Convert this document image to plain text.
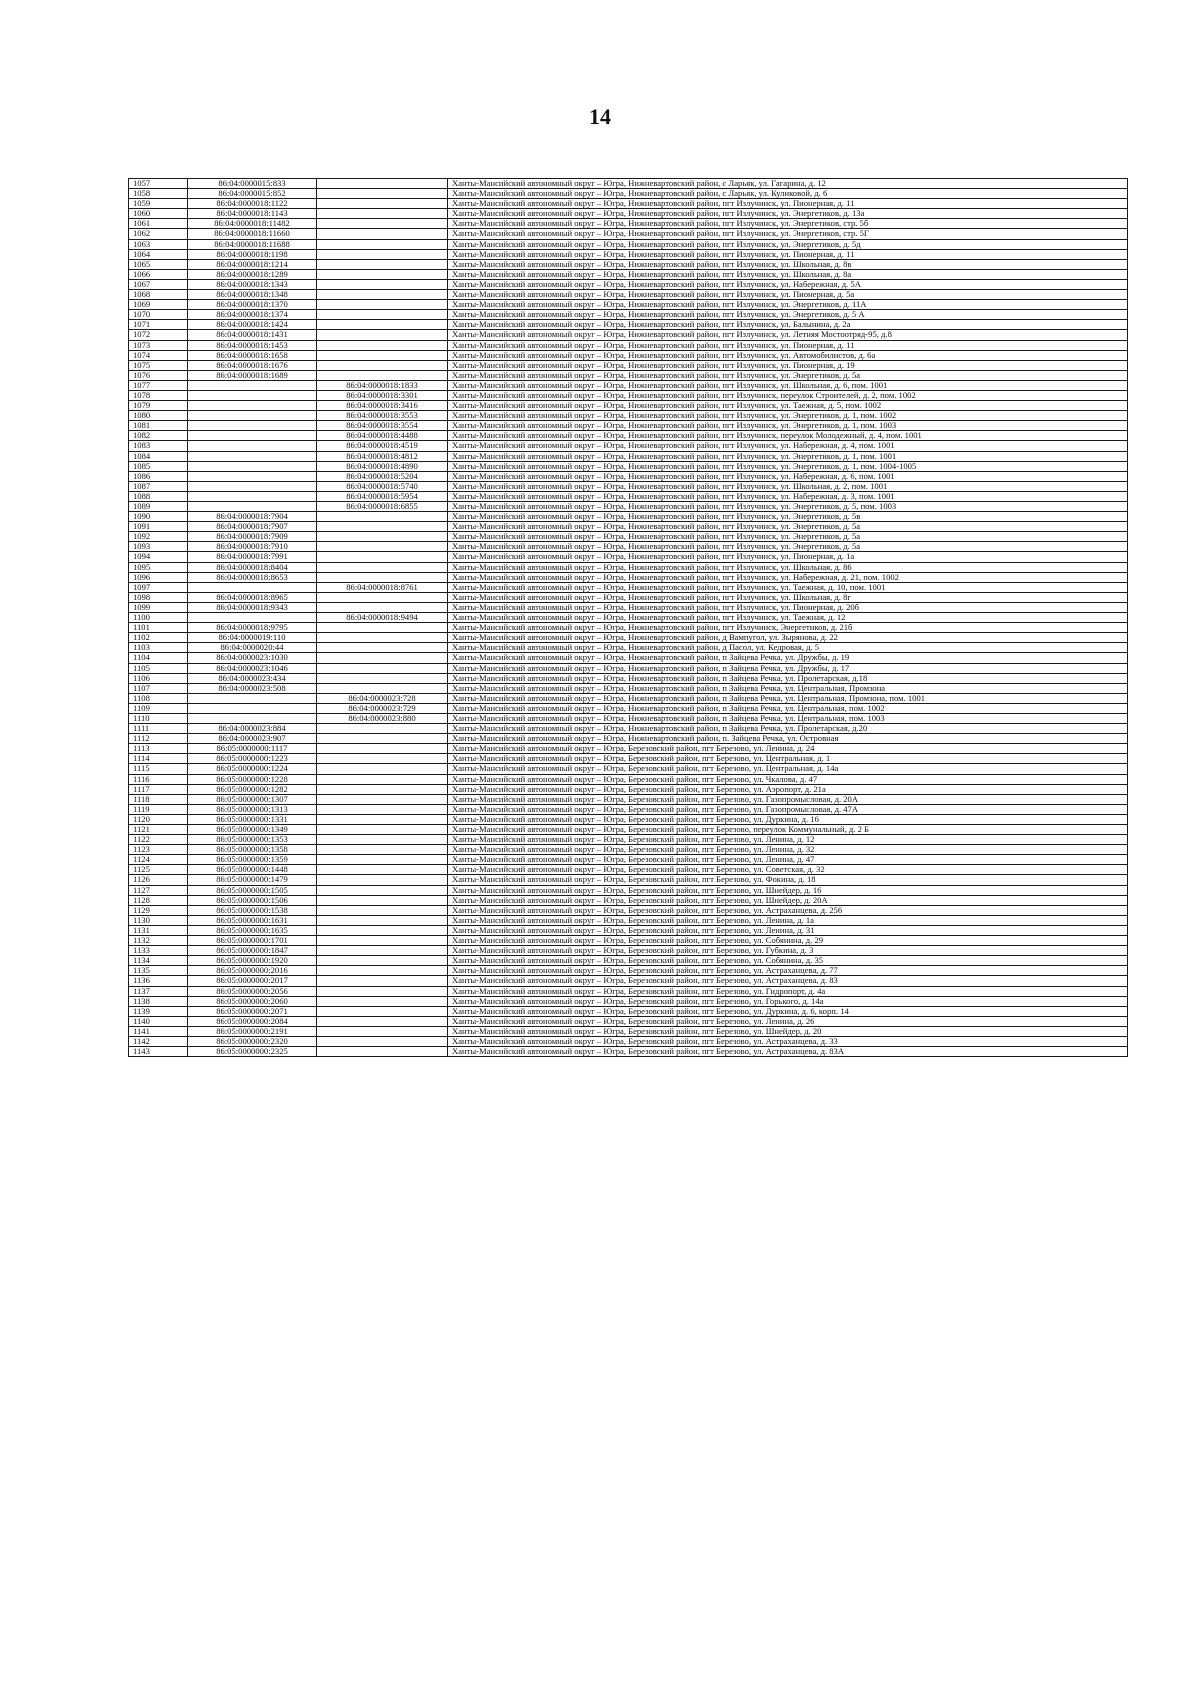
14
1057	86:04:0000015:833		Ханты-Мансийский автономный округ – Югра, Нижневартовский район, с Ларьяк, ул. Гагарина, д. 12
1058	86:04:0000015:852		Ханты-Мансийский автономный округ – Югра, Нижневартовский район, с Ларьяк, ул. Куликовой, д. 6
1059	86:04:0000018:1122		Ханты-Мансийский автономный округ – Югра, Нижневартовский район, пгт Излучинск, ул. Пионерная, д. 11
1060	86:04:0000018:1143		Ханты-Мансийский автономный округ – Югра, Нижневартовский район, пгт Излучинск, ул. Энергетиков, д. 13а
1061	86:04:0000018:11482		Ханты-Мансийский автономный округ – Югра, Нижневартовский район, пгт Излучинск, ул. Энергетиков, стр. 5б
1062	86:04:0000018:11660		Ханты-Мансийский автономный округ – Югра, Нижневартовский район, пгт Излучинск, ул. Энергетиков, стр. 5Г
1063	86:04:0000018:11688		Ханты-Мансийский автономный округ – Югра, Нижневартовский район, пгт Излучинск, ул. Энергетиков, д. 5д
1064	86:04:0000018:1198		Ханты-Мансийский автономный округ – Югра, Нижневартовский район, пгт Излучинск, ул. Пионерная, д. 11
1065	86:04:0000018:1214		Ханты-Мансийский автономный округ – Югра, Нижневартовский район, пгт Излучинск, ул. Школьная, д. 8в
1066	86:04:0000018:1289		Ханты-Мансийский автономный округ – Югра, Нижневартовский район, пгт Излучинск, ул. Школьная, д. 8а
1067	86:04:0000018:1343		Ханты-Мансийский автономный округ – Югра, Нижневартовский район, пгт Излучинск, ул. Набережная, д. 5А
1068	86:04:0000018:1348		Ханты-Мансийский автономный округ – Югра, Нижневартовский район, пгт Излучинск, ул. Пионерная, д. 5а
1069	86:04:0000018:1370		Ханты-Мансийский автономный округ – Югра, Нижневартовский район, пгт Излучинск, ул. Энергетиков, д. 11А
1070	86:04:0000018:1374		Ханты-Мансийский автономный округ – Югра, Нижневартовский район, пгт Излучинск, ул. Энергетиков, д. 5 А
1071	86:04:0000018:1424		Ханты-Мансийский автономный округ – Югра, Нижневартовский район, пгт Излучинск, ул. Балынина, д. 2а
1072	86:04:0000018:1431		Ханты-Мансийский автономный округ – Югра, Нижневартовский район, пгт Излучинск, ул. Летняя Мостоотряд-95, д.8
1073	86:04:0000018:1453		Ханты-Мансийский автономный округ – Югра, Нижневартовский район, пгт Излучинск, ул. Пионерная, д. 11
1074	86:04:0000018:1658		Ханты-Мансийский автономный округ – Югра, Нижневартовский район, пгт Излучинск, ул. Автомобилистов, д. 6а
1075	86:04:0000018:1676		Ханты-Мансийский автономный округ – Югра, Нижневартовский район, пгт Излучинск, ул. Пионерная, д. 19
1076	86:04:0000018:1689		Ханты-Мансийский автономный округ – Югра, Нижневартовский район, пгт Излучинск, ул. Энергетиков, д. 5а
1077		86:04:0000018:1833	Ханты-Мансийский автономный округ – Югра, Нижневартовский район, пгт Излучинск, ул. Школьная, д. 6, пом. 1001
1078		86:04:0000018:3301	Ханты-Мансийский автономный округ – Югра, Нижневартовский район, пгт Излучинск, переулок Строителей, д. 2, пом. 1002
1079		86:04:0000018:3416	Ханты-Мансийский автономный округ – Югра, Нижневартовский район, пгт Излучинск, ул. Таежная, д. 5, пом. 1002
1080		86:04:0000018:3553	Ханты-Мансийский автономный округ – Югра, Нижневартовский район, пгт Излучинск, ул. Энергетиков, д. 1, пом. 1002
1081		86:04:0000018:3554	Ханты-Мансийский автономный округ – Югра, Нижневартовский район, пгт Излучинск, ул. Энергетиков, д. 1, пом. 1003
1082		86:04:0000018:4488	Ханты-Мансийский автономный округ – Югра, Нижневартовский район, пгт Излучинск, переулок Молодежный, д. 4, пом. 1001
1083		86:04:0000018:4519	Ханты-Мансийский автономный округ – Югра, Нижневартовский район, пгт Излучинск, ул. Набережная, д. 4, пом. 1001
1084		86:04:0000018:4812	Ханты-Мансийский автономный округ – Югра, Нижневартовский район, пгт Излучинск, ул. Энергетиков, д. 1, пом. 1001
1085		86:04:0000018:4890	Ханты-Мансийский автономный округ – Югра, Нижневартовский район, пгт Излучинск, ул. Энергетиков, д. 1, пом. 1004-1005
1086		86:04:0000018:5204	Ханты-Мансийский автономный округ – Югра, Нижневартовский район, пгт Излучинск, ул. Набережная, д. 6, пом. 1001
1087		86:04:0000018:5740	Ханты-Мансийский автономный округ – Югра, Нижневартовский район, пгт Излучинск, ул. Школьная, д. 2, пом. 1001
1088		86:04:0000018:5954	Ханты-Мансийский автономный округ – Югра, Нижневартовский район, пгт Излучинск, ул. Набережная, д. 3, пом. 1001
1089		86:04:0000018:6855	Ханты-Мансийский автономный округ – Югра, Нижневартовский район, пгт Излучинск, ул. Энергетиков, д. 5, пом. 1003
1090	86:04:0000018:7904		Ханты-Мансийский автономный округ – Югра, Нижневартовский район, пгт Излучинск, ул. Энергетиков, д. 5в
1091	86:04:0000018:7907		Ханты-Мансийский автономный округ – Югра, Нижневартовский район, пгт Излучинск, ул. Энергетиков, д. 5а
1092	86:04:0000018:7909		Ханты-Мансийский автономный округ – Югра, Нижневартовский район, пгт Излучинск, ул. Энергетиков, д. 5а
1093	86:04:0000018:7910		Ханты-Мансийский автономный округ – Югра, Нижневартовский район, пгт Излучинск, ул. Энергетиков, д. 5а
1094	86:04:0000018:7991		Ханты-Мансийский автономный округ – Югра, Нижневартовский район, пгт Излучинск, ул. Пионерная, д. 1а
1095	86:04:0000018:8404		Ханты-Мансийский автономный округ – Югра, Нижневартовский район, пгт Излучинск, ул. Школьная, д. 86
1096	86:04:0000018:8653		Ханты-Мансийский автономный округ – Югра, Нижневартовский район, пгт Излучинск, ул. Набережная, д. 21, пом. 1002
1097		86:04:0000018:8761	Ханты-Мансийский автономный округ – Югра, Нижневартовский район, пгт Излучинск, ул. Таежная, д. 10, пом. 1001
1098	86:04:0000018:8965		Ханты-Мансийский автономный округ – Югра, Нижневартовский район, пгт Излучинск, ул. Школьная, д. 8г
1099	86:04:0000018:9343		Ханты-Мансийский автономный округ – Югра, Нижневартовский район, пгт Излучинск, ул. Пионерная, д. 20б
1100		86:04:0000018:9494	Ханты-Мансийский автономный округ – Югра, Нижневартовский район, пгт Излучинск, ул. Таежная, д. 12
1101	86:04:0000018:9795		Ханты-Мансийский автономный округ – Югра, Нижневартовский район, пгт Излучинск, Энергетиков, д. 21б
1102	86:04:0000019:110		Ханты-Мансийский автономный округ – Югра, Нижневартовский район, д Вампугол, ул. Зырянова, д. 22
1103	86:04:0000020:44		Ханты-Мансийский автономный округ – Югра, Нижневартовский район, д Пасол, ул. Кедровая, д. 5
1104	86:04:0000023:1030		Ханты-Мансийский автономный округ – Югра, Нижневартовский район, п Зайцева Речка, ул. Дружбы, д. 19
1105	86:04:0000023:1046		Ханты-Мансийский автономный округ – Югра, Нижневартовский район, п Зайцева Речка, ул. Дружбы, д. 17
1106	86:04:0000023:434		Ханты-Мансийский автономный округ – Югра, Нижневартовский район, п Зайцева Речка, ул. Пролетарская, д.18
1107	86:04:0000023:508		Ханты-Мансийский автономный округ – Югра, Нижневартовский район, п Зайцева Речка, ул. Центральная, Промзона
1108		86:04:0000023:728	Ханты-Мансийский автономный округ – Югра, Нижневартовский район, п Зайцева Речка, ул. Центральная, Промзона, пом. 1001
1109		86:04:0000023:729	Ханты-Мансийский автономный округ – Югра, Нижневартовский район, п Зайцева Речка, ул. Центральная, пом. 1002
1110		86:04:0000023:880	Ханты-Мансийский автономный округ – Югра, Нижневартовский район, п Зайцева Речка, ул. Центральная, пом. 1003
1111	86:04:0000023:884		Ханты-Мансийский автономный округ – Югра, Нижневартовский район, п Зайцева Речка, ул. Пролетарская, д.20
1112	86:04:0000023:907		Ханты-Мансийский автономный округ – Югра, Нижневартовский район, п. Зайцева Речка, ул. Островная
1113	86:05:0000000:1117		Ханты-Мансийский автономный округ – Югра, Березовский район, пгт Березово, ул. Ленина, д. 24
1114	86:05:0000000:1223		Ханты-Мансийский автономный округ – Югра, Березовский район, пгт Березово, ул. Центральная, д. 1
1115	86:05:0000000:1224		Ханты-Мансийский автономный округ – Югра, Березовский район, пгт Березово, ул. Центральная, д. 14а
1116	86:05:0000000:1228		Ханты-Мансийский автономный округ – Югра, Березовский район, пгт Березово, ул. Чкалова, д. 47
1117	86:05:0000000:1282		Ханты-Мансийский автономный округ – Югра, Березовский район, пгт Березово, ул. Аэропорт, д. 21а
1118	86:05:0000000:1307		Ханты-Мансийский автономный округ – Югра, Березовский район, пгт Березово, ул. Газопромысловая, д. 20А
1119	86:05:0000000:1313		Ханты-Мансийский автономный округ – Югра, Березовский район, пгт Березово, ул. Газопромысловая, д. 47А
1120	86:05:0000000:1331		Ханты-Мансийский автономный округ – Югра, Березовский район, пгт Березово, ул. Дуркина, д. 16
1121	86:05:0000000:1349		Ханты-Мансийский автономный округ – Югра, Березовский район, пгт Березово, переулок Коммунальный, д. 2 Б
1122	86:05:0000000:1353		Ханты-Мансийский автономный округ – Югра, Березовский район, пгт Березово, ул. Ленина, д. 12
1123	86:05:0000000:1358		Ханты-Мансийский автономный округ – Югра, Березовский район, пгт Березово, ул. Ленина, д. 32
1124	86:05:0000000:1359		Ханты-Мансийский автономный округ – Югра, Березовский район, пгт Березово, ул. Ленина, д. 47
1125	86:05:0000000:1448		Ханты-Мансийский автономный округ – Югра, Березовский район, пгт Березово, ул. Советская, д. 32
1126	86:05:0000000:1479		Ханты-Мансийский автономный округ – Югра, Березовский район, пгт Березово, ул. Фокина, д. 18
1127	86:05:0000000:1505		Ханты-Мансийский автономный округ – Югра, Березовский район, пгт Березово, ул. Шнейдер, д. 16
1128	86:05:0000000:1506		Ханты-Мансийский автономный округ – Югра, Березовский район, пгт Березово, ул. Шнейдер, д. 20А
1129	86:05:0000000:1538		Ханты-Мансийский автономный округ – Югра, Березовский район, пгт Березово, ул. Астраханцева, д. 256
1130	86:05:0000000:1631		Ханты-Мансийский автономный округ – Югра, Березовский район, пгт Березово, ул. Ленина, д. 1а
1131	86:05:0000000:1635		Ханты-Мансийский автономный округ – Югра, Березовский район, пгт Березово, ул. Ленина, д. 31
1132	86:05:0000000:1701		Ханты-Мансийский автономный округ – Югра, Березовский район, пгт Березово, ул. Собянина, д. 29
1133	86:05:0000000:1847		Ханты-Мансийский автономный округ – Югра, Березовский район, пгт Березово, ул. Губкина, д. 3
1134	86:05:0000000:1920		Ханты-Мансийский автономный округ – Югра, Березовский район, пгт Березово, ул. Собянина, д. 35
1135	86:05:0000000:2016		Ханты-Мансийский автономный округ – Югра, Березовский район, пгт Березово, ул. Астраханцева, д. 77
1136	86:05:0000000:2017		Ханты-Мансийский автономный округ – Югра, Березовский район, пгт Березово, ул. Астраханцева, д. 83
1137	86:05:0000000:2056		Ханты-Мансийский автономный округ – Югра, Березовский район, пгт Березово, ул. Гидропорт, д. 4а
1138	86:05:0000000:2060		Ханты-Мансийский автономный округ – Югра, Березовский район, пгт Березово, ул. Горького, д. 14а
1139	86:05:0000000:2071		Ханты-Мансийский автономный округ – Югра, Березовский район, пгт Березово, ул. Дуркина, д. 6, корп. 14
1140	86:05:0000000:2084		Ханты-Мансийский автономный округ – Югра, Березовский район, пгт Березово, ул. Ленина, д. 26
1141	86:05:0000000:2191		Ханты-Мансийский автономный округ – Югра, Березовский район, пгт Березово, ул. Шнейдер, д. 20
1142	86:05:0000000:2320		Ханты-Мансийский автономный округ – Югра, Березовский район, пгт Березово, ул. Астраханцева, д. 33
1143	86:05:0000000:2325		Ханты-Мансийский автономный округ – Югра, Березовский район, пгт Березово, ул. Астраханцева, д. 83А
